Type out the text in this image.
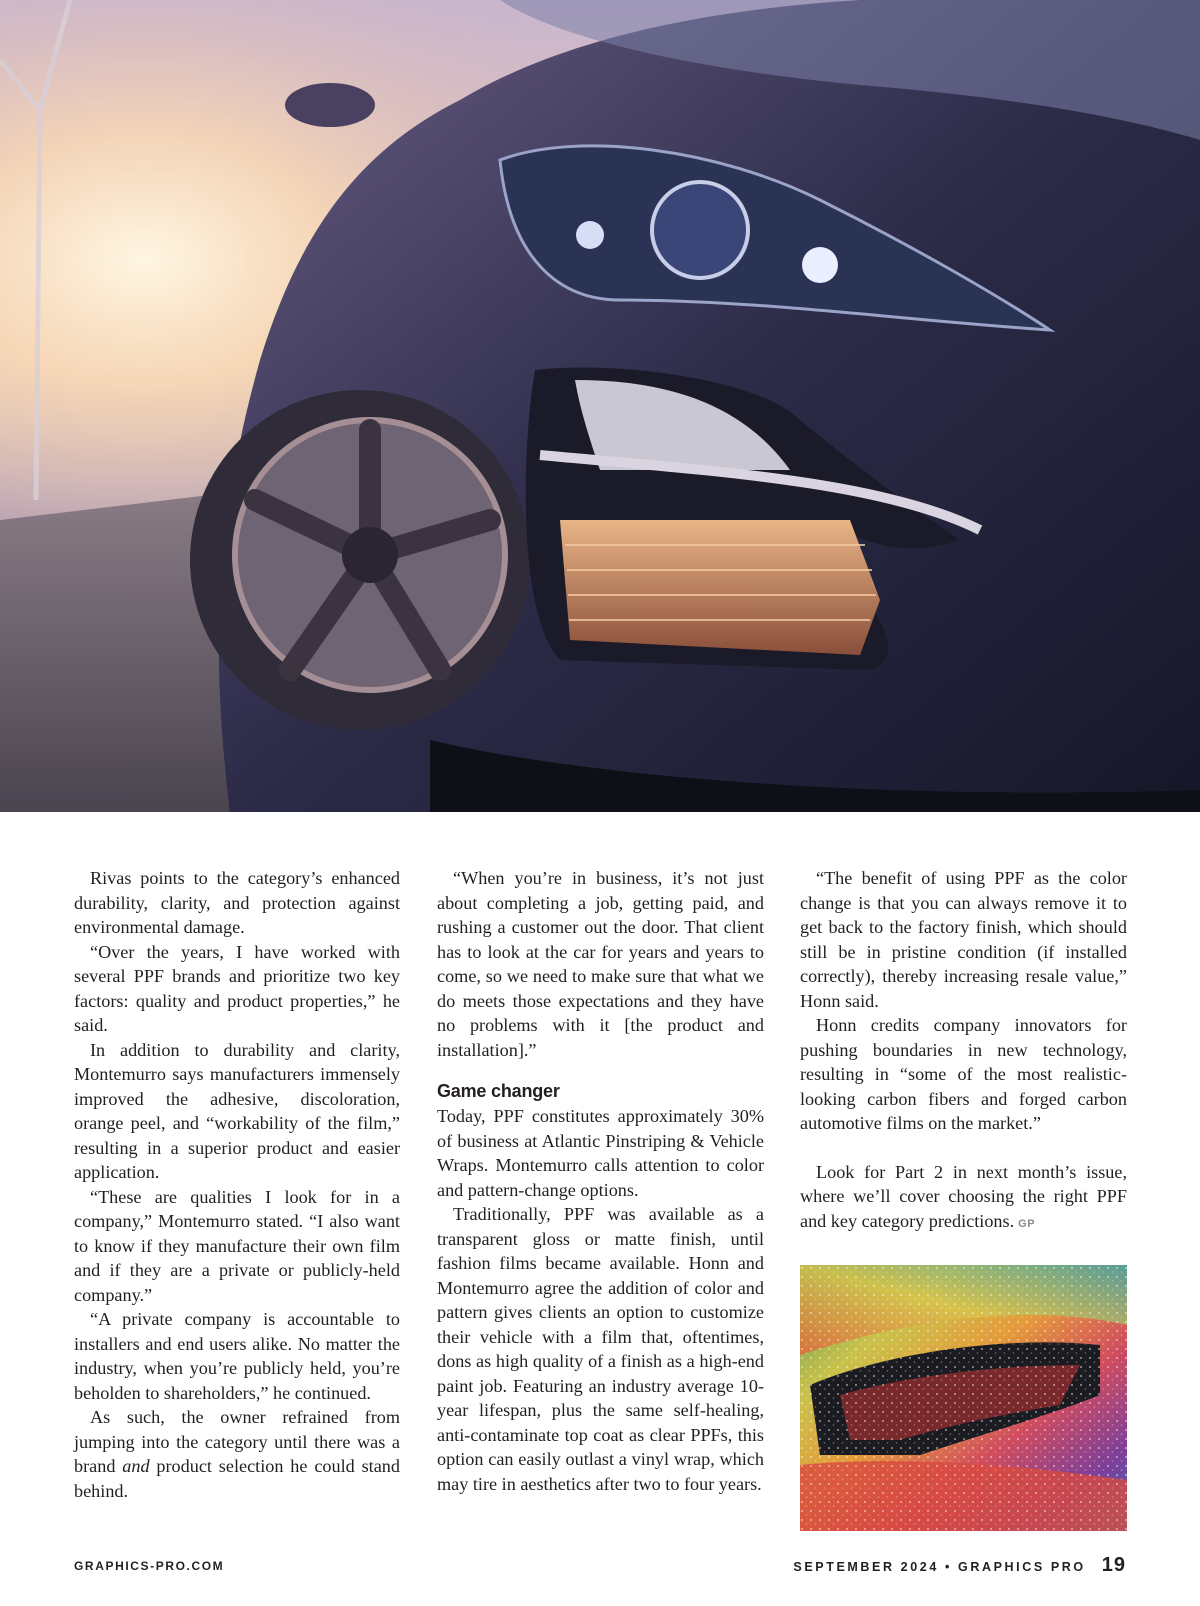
Rivas points to the category’s enhanced durability, clarity, and protection against environmental damage.

“Over the years, I have worked with several PPF brands and prioritize two key factors: quality and product properties,” he said.

In addition to durability and clarity, Montemurro says manufacturers immensely improved the adhesive, discoloration, orange peel, and “workability of the film,” resulting in a superior product and easier application.

“These are qualities I look for in a company,” Montemurro stated. “I also want to know if they manufacture their own film and if they are a private or publicly-held company.”

“A private company is accountable to installers and end users alike. No matter the industry, when you’re publicly held, you’re beholden to shareholders,” he continued.

As such, the owner refrained from jumping into the category until there was a brand and product selection he could stand behind.

“When you’re in business, it’s not just about completing a job, getting paid, and rushing a customer out the door. That client has to look at the car for years and years to come, so we need to make sure that what we do meets those expectations and they have no problems with it [the product and installation].”

Game changer

Today, PPF constitutes approximately 30% of business at Atlantic Pinstriping & Vehicle Wraps. Montemurro calls attention to color and pattern-change options.

Traditionally, PPF was available as a transparent gloss or matte finish, until fashion films became available. Honn and Montemurro agree the addition of color and pattern gives clients an option to customize their vehicle with a film that, oftentimes, dons as high quality of a finish as a high-end paint job. Featuring an industry average 10-year lifespan, plus the same self-healing, anti-contaminate top coat as clear PPFs, this option can easily outlast a vinyl wrap, which may tire in aesthetics after two to four years.

“The benefit of using PPF as the color change is that you can always remove it to get back to the factory finish, which should still be in pristine condition (if installed correctly), thereby increasing resale value,” Honn said.

Honn credits company innovators for pushing boundaries in new technology, resulting in “some of the most realistic-looking carbon fibers and forged carbon automotive films on the market.”

Look for Part 2 in next month’s issue, where we’ll cover choosing the right PPF and key category predictions. GP

GRAPHICS-PRO.COM	SEPTEMBER 2024 • GRAPHICS PRO 19
